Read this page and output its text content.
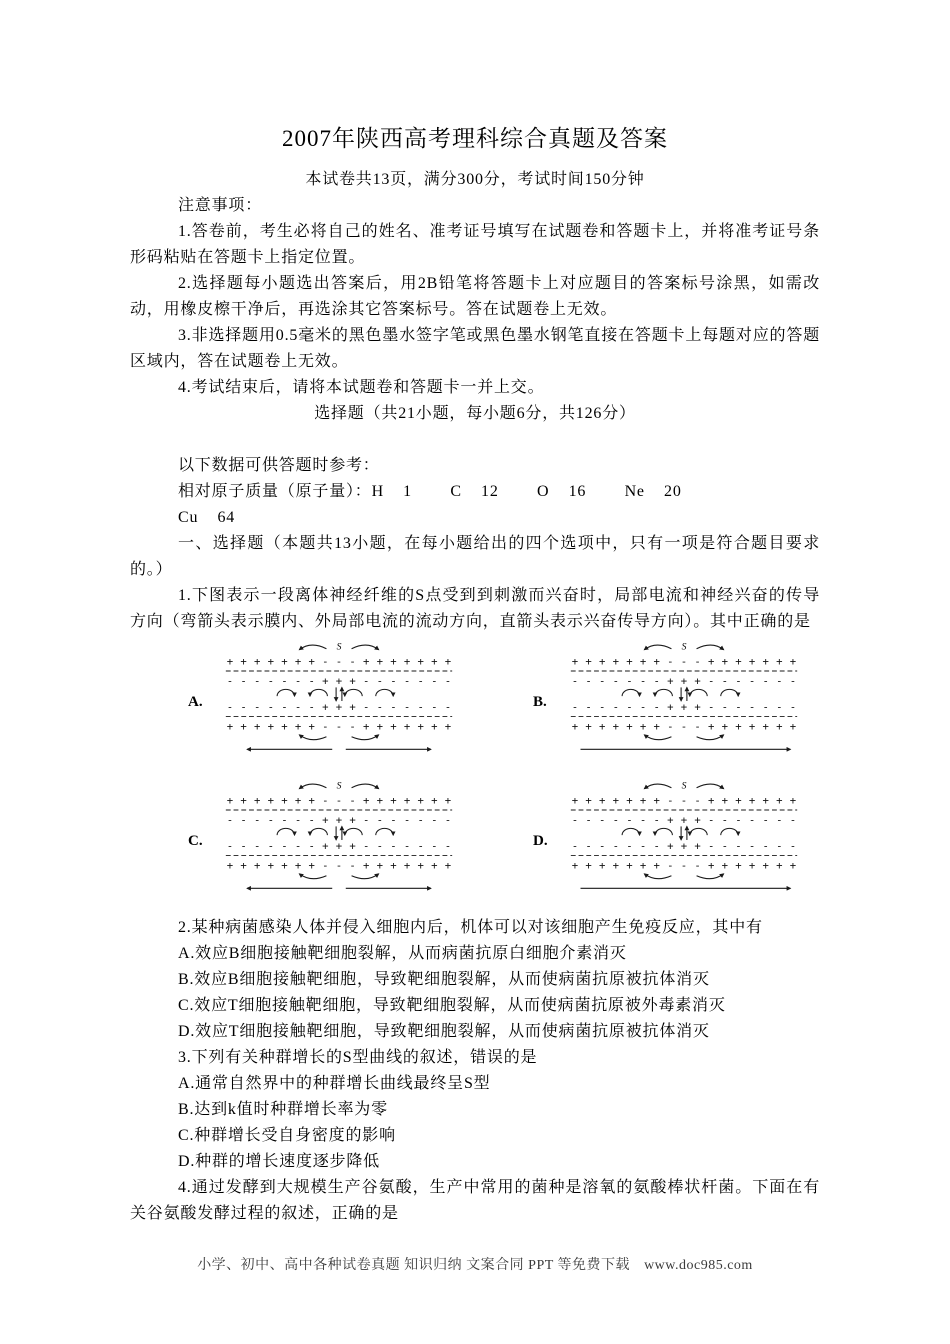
2007年陕西高考理科综合真题及答案

本试卷共13页，满分300分，考试时间150分钟

注意事项：

1.答卷前，考生必将自己的姓名、准考证号填写在试题卷和答题卡上，并将准考证号条形码粘贴在答题卡上指定位置。

2.选择题每小题选出答案后，用2B铅笔将答题卡上对应题目的答案标号涂黑，如需改动，用橡皮檫干净后，再选涂其它答案标号。答在试题卷上无效。

3.非选择题用0.5毫米的黑色墨水签字笔或黑色墨水钢笔直接在答题卡上每题对应的答题区域内，答在试题卷上无效。

4.考试结束后，请将本试题卷和答题卡一并上交。

选择题（共21小题，每小题6分，共126分）

以下数据可供答题时参考：

相对原子质量（原子量）：H    1        C    12        O    16        Ne    20

Cu    64

一、选择题（本题共13小题，在每小题给出的四个选项中，只有一项是符合题目要求的。）

1.下图表示一段离体神经纤维的S点受到到刺激而兴奋时，局部电流和神经兴奋的传导方向（弯箭头表示膜内、外局部电流的流动方向，直箭头表示兴奋传导方向）。其中正确的是

A.
S
+ + + + + + + - - - + + + + + + +
- - - - - - - + + + - - - - - - -
- - - - - - - + + + - - - - - - -
+ + + + + + + - - - + + + + + + +
B.
S
+ + + + + + + - - - + + + + + + +
- - - - - - - + + + - - - - - - -
- - - - - - - + + + - - - - - - -
+ + + + + + + - - - + + + + + + +
C.
S
+ + + + + + + - - - + + + + + + +
- - - - - - - + + + - - - - - - -
- - - - - - - + + + - - - - - - -
+ + + + + + + - - - + + + + + + +
D.
S
+ + + + + + + - - - + + + + + + +
- - - - - - - + + + - - - - - - -
- - - - - - - + + + - - - - - - -
+ + + + + + + - - - + + + + + + +

2.某种病菌感染人体并侵入细胞内后，机体可以对该细胞产生免疫反应，其中有

A.效应B细胞接触靶细胞裂解，从而病菌抗原白细胞介素消灭

B.效应B细胞接触靶细胞，导致靶细胞裂解，从而使病菌抗原被抗体消灭

C.效应T细胞接触靶细胞，导致靶细胞裂解，从而使病菌抗原被外毒素消灭

D.效应T细胞接触靶细胞，导致靶细胞裂解，从而使病菌抗原被抗体消灭

3.下列有关种群增长的S型曲线的叙述，错误的是

A.通常自然界中的种群增长曲线最终呈S型

B.达到k值时种群增长率为零

C.种群增长受自身密度的影响

D.种群的增长速度逐步降低

4.通过发酵到大规模生产谷氨酸，生产中常用的菌种是溶氧的氨酸棒状杆菌。下面在有关谷氨酸发酵过程的叙述，正确的是

小学、初中、高中各种试卷真题 知识归纳 文案合同 PPT 等免费下载 www.doc985.com
